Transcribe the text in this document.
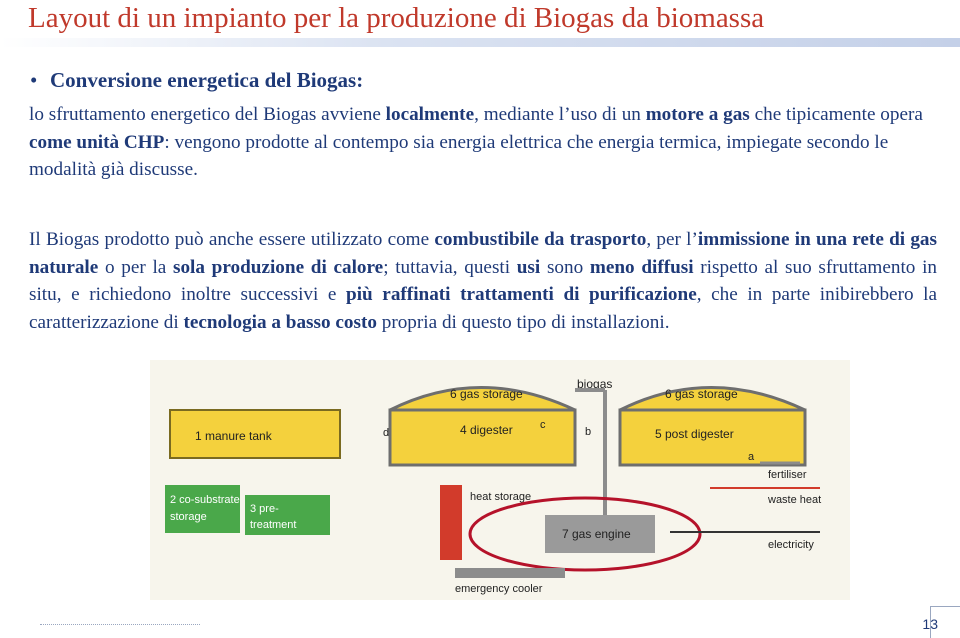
Layout di un impianto per la produzione di Biogas da biomassa
• Conversione energetica del Biogas:
lo sfruttamento energetico del Biogas avviene localmente, mediante l’uso di un motore a gas che tipicamente opera come unità CHP: vengono prodotte al contempo sia energia elettrica che energia termica, impiegate secondo le modalità già discusse.
Il Biogas prodotto può anche essere utilizzato come combustibile da trasporto, per l’immissione in una rete di gas naturale o per la sola produzione di calore; tuttavia, questi usi sono meno diffusi rispetto al suo sfruttamento in situ, e richiedono inoltre successivi e più raffinati trattamenti di purificazione, che in parte inibirebbero la caratterizzazione di tecnologia a basso costo propria di questo tipo di installazioni.
1 manure tank
6 gas storage
4 digester
biogas
6 gas storage
5 post digester
c
b
d
a
2 co-substrate
storage
3 pre-
treatment
heat storage
7 gas engine
emergency cooler
fertiliser
waste heat
electricity
13
